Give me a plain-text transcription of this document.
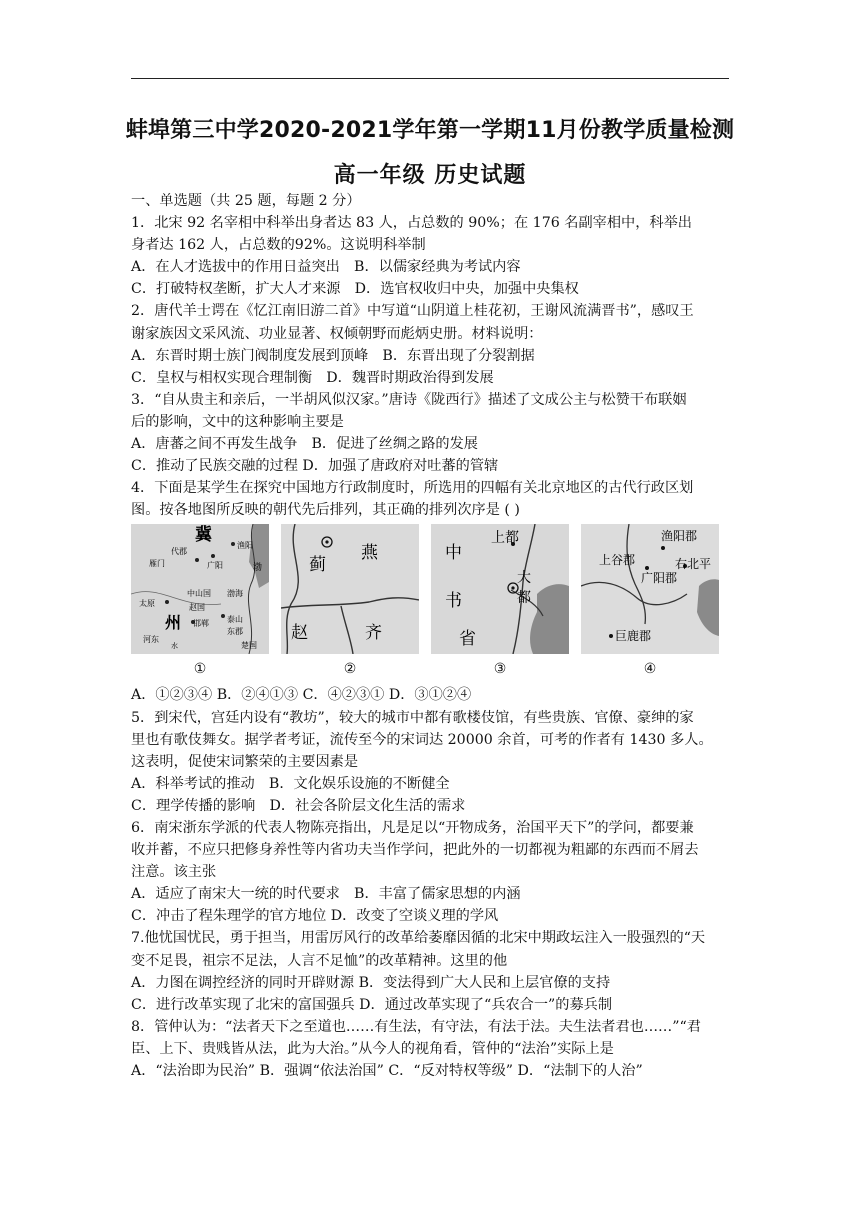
蚌埠第三中学2020-2021学年第一学期11月份教学质量检测
高一年级 历史试题
一、单选题（共 25 题，每题 2 分）
1．北宋 92 名宰相中科举出身者达 83 人，占总数的 90%；在 176 名副宰相中，科举出
身者达 162 人，占总数的92%。这说明科举制
A．在人才选拔中的作用日益突出　B．以儒家经典为考试内容
C．打破特权垄断，扩大人才来源　D．选官权收归中央，加强中央集权
2．唐代羊士谔在《忆江南旧游二首》中写道“山阴道上桂花初，王谢风流满晋书”，感叹王
谢家族因文采风流、功业显著、权倾朝野而彪炳史册。材料说明：
A．东晋时期士族门阀制度发展到顶峰　B．东晋出现了分裂割据
C．皇权与相权实现合理制衡　D．魏晋时期政治得到发展
3．“自从贵主和亲后，一半胡风似汉家。”唐诗《陇西行》描述了文成公主与松赞干布联姻
后的影响，文中的这种影响主要是
A．唐蕃之间不再发生战争　B．促进了丝绸之路的发展
C．推动了民族交融的过程 D．加强了唐政府对吐蕃的管辖
4．下面是某学生在探究中国地方行政制度时，所选用的四幅有关北京地区的古代行政区划
图。按各地图所反映的朝代先后排列，其正确的排列次序是 ( )
冀
代郡
渔阳
雁门	广阳	渤
中山国 渤海
太原	赵国
州 邯郸 泰山
河东
东郡
楚国
水
①
蓟
燕
赵	齐
②
上都
中
书
省
大
都
③
渔阳郡
上谷郡	右北平
广阳郡
巨鹿郡
④
A．①②③④ B．②④①③ C．④②③① D．③①②④
5．到宋代，宫廷内设有“教坊”，较大的城市中都有歌楼伎馆，有些贵族、官僚、豪绅的家
里也有歌伎舞女。据学者考证，流传至今的宋词达 20000 余首，可考的作者有 1430 多人。
这表明，促使宋词繁荣的主要因素是
A．科举考试的推动　B．文化娱乐设施的不断健全
C．理学传播的影响　D．社会各阶层文化生活的需求
6．南宋浙东学派的代表人物陈亮指出，凡是足以“开物成务，治国平天下”的学问，都要兼
收并蓄，不应只把修身养性等内省功夫当作学问，把此外的一切都视为粗鄙的东西而不屑去
注意。该主张
A．适应了南宋大一统的时代要求　B．丰富了儒家思想的内涵
C．冲击了程朱理学的官方地位 D．改变了空谈义理的学风
7.他忧国忧民，勇于担当，用雷厉风行的改革给萎靡因循的北宋中期政坛注入一股强烈的“天
变不足畏，祖宗不足法，人言不足恤”的改革精神。这里的他
A．力图在调控经济的同时开辟财源 B．变法得到广大人民和上层官僚的支持
C．进行改革实现了北宋的富国强兵 D．通过改革实现了“兵农合一”的募兵制
8．管仲认为：“法者天下之至道也……有生法，有守法，有法于法。夫生法者君也……”“君
臣、上下、贵贱皆从法，此为大治。”从今人的视角看，管仲的“法治”实际上是
A．“法治即为民治” B．强调“依法治国” C．“反对特权等级” D．“法制下的人治”
